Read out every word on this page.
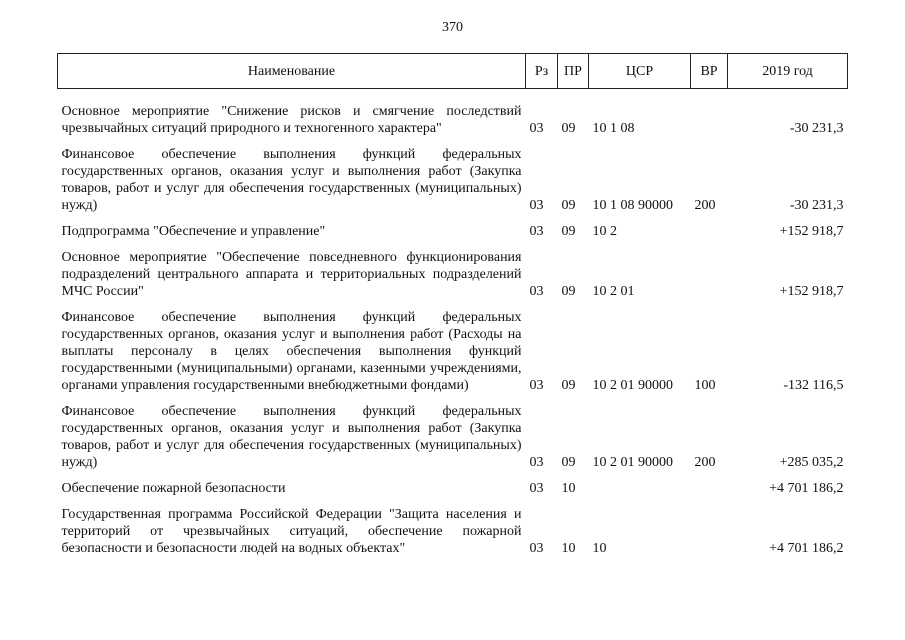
370
Наименование	Рз	ПР	ЦСР	ВР	2019 год

Основное мероприятие "Снижение рисков и смягчение последствий чрезвычайных ситуаций природного и техногенного характера"	03	09	10 1 08		-30 231,3
Финансовое обеспечение выполнения функций федеральных государственных органов, оказания услуг и выполнения работ (Закупка товаров, работ и услуг для обеспечения государственных (муниципальных) нужд)	03	09	10 1 08 90000	200	-30 231,3
Подпрограмма "Обеспечение и управление"	03	09	10 2		+152 918,7
Основное мероприятие "Обеспечение повседневного функционирования подразделений центрального аппарата и территориальных подразделений МЧС России"	03	09	10 2 01		+152 918,7
Финансовое обеспечение выполнения функций федеральных государственных органов, оказания услуг и выполнения работ (Расходы на выплаты персоналу в целях обеспечения выполнения функций государственными (муниципальными) органами, казенными учреждениями, органами управления государственными внебюджетными фондами)	03	09	10 2 01 90000	100	-132 116,5
Финансовое обеспечение выполнения функций федеральных государственных органов, оказания услуг и выполнения работ (Закупка товаров, работ и услуг для обеспечения государственных (муниципальных) нужд)	03	09	10 2 01 90000	200	+285 035,2
Обеспечение пожарной безопасности	03	10			+4 701 186,2
Государственная программа Российской Федерации "Защита населения и территорий от чрезвычайных ситуаций, обеспечение пожарной безопасности и безопасности людей на водных объектах"	03	10	10		+4 701 186,2
